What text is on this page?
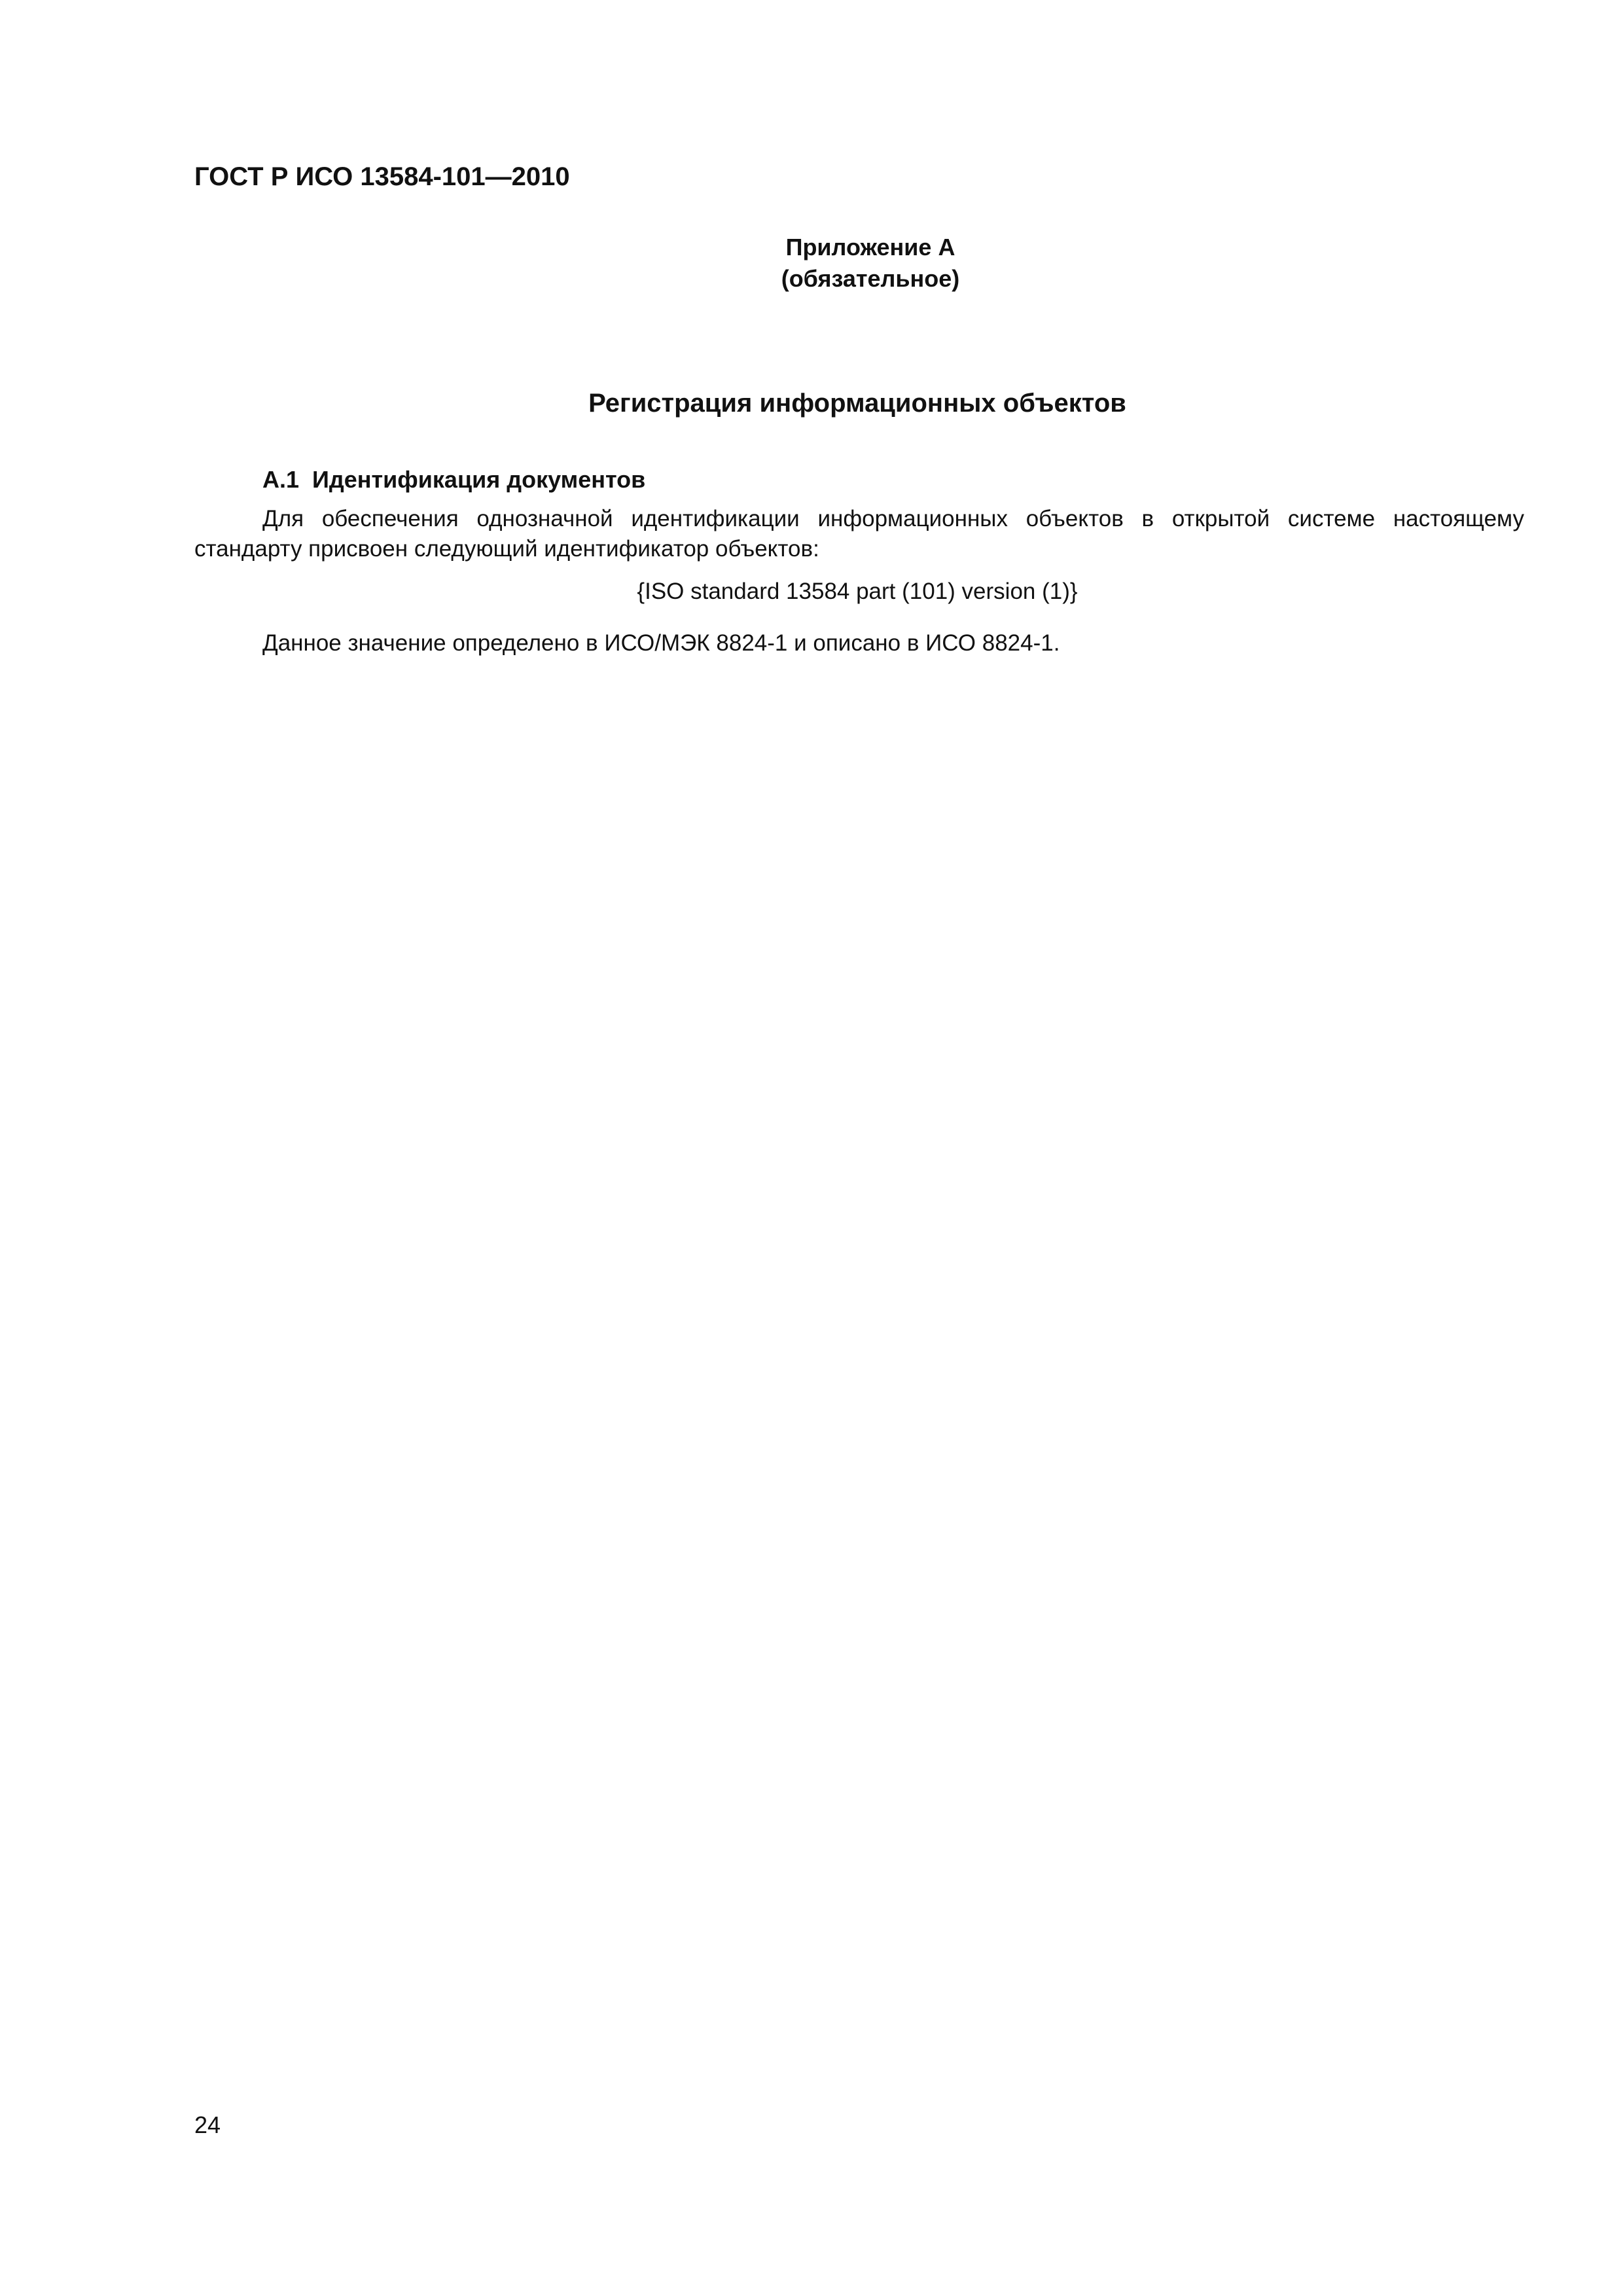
ГОСТ Р ИСО 13584-101—2010
Приложение А
(обязательное)
Регистрация информационных объектов
А.1 Идентификация документов

Для обеспечения однозначной идентификации информационных объектов в открытой системе настоящему стандарту присвоен следующий идентификатор объектов:

{ISO standard 13584 part (101) version (1)}

Данное значение определено в ИСО/МЭК 8824-1 и описано в ИСО 8824-1.

24
